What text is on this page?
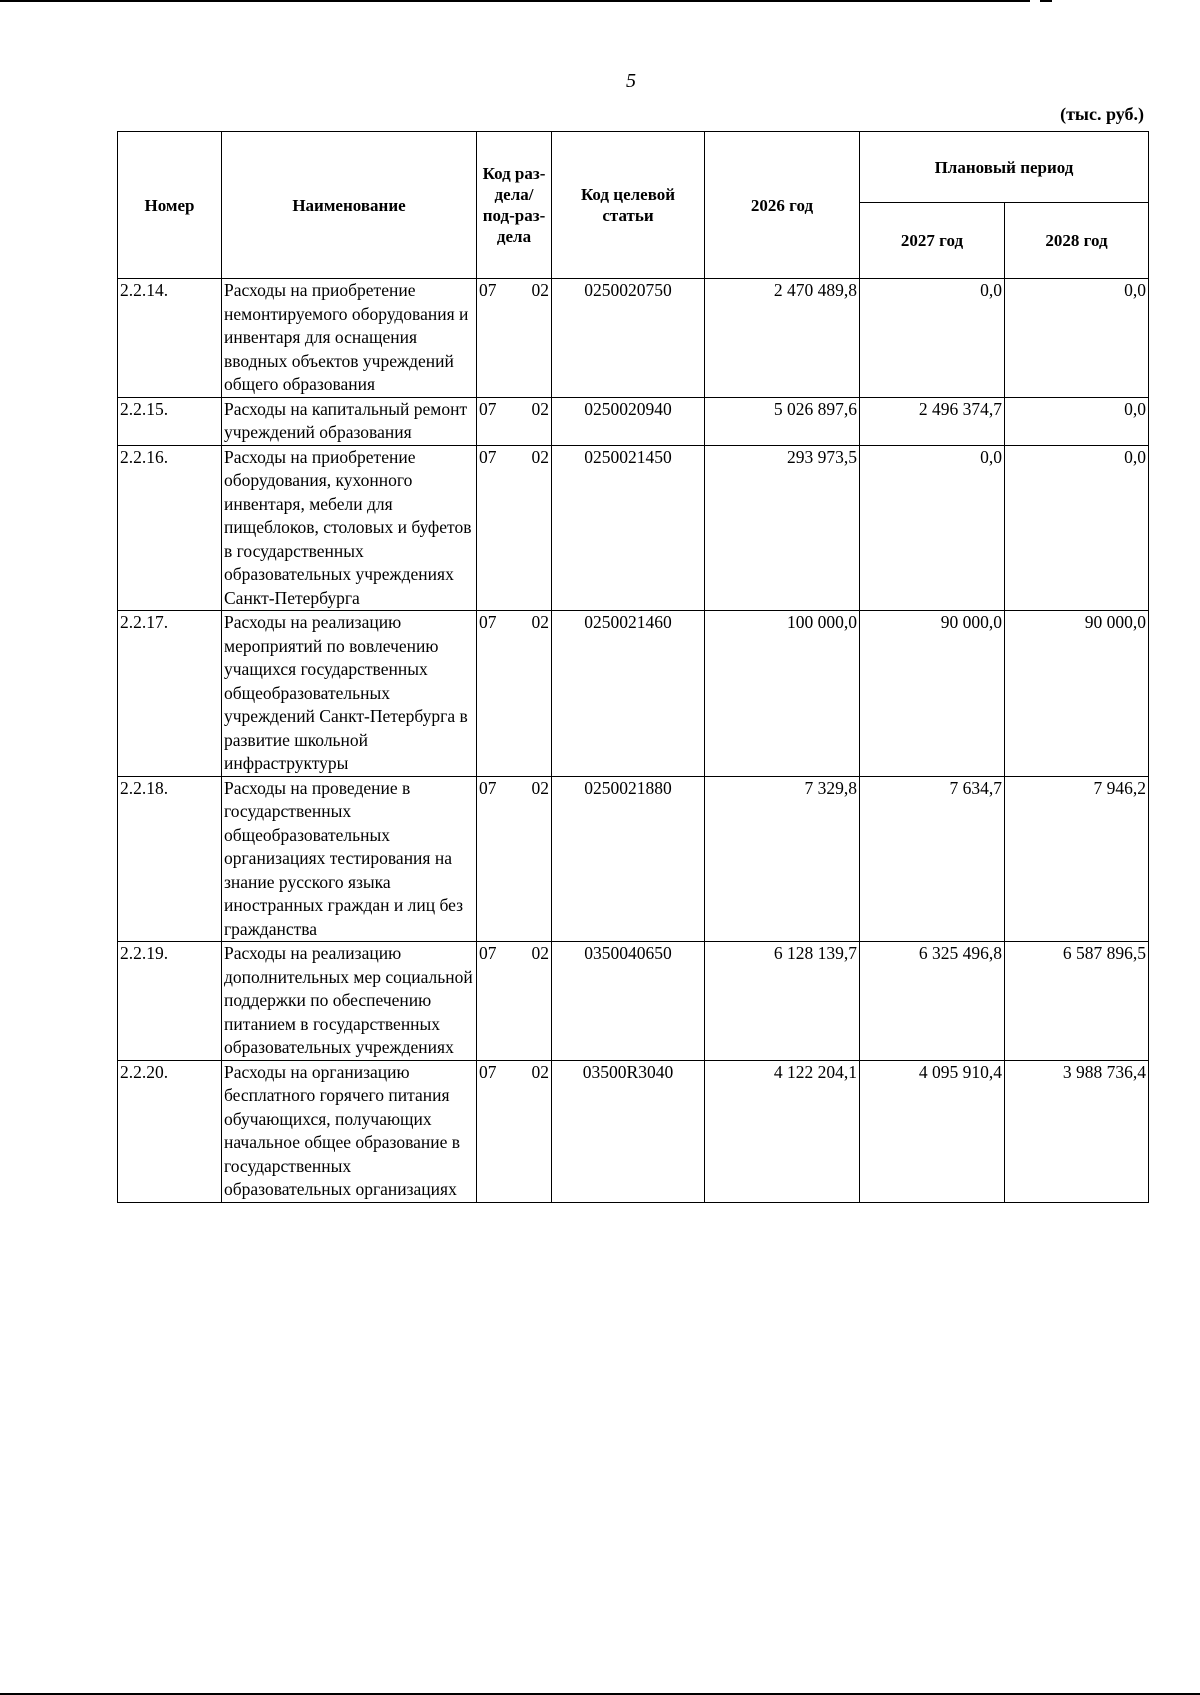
5
(тыс. руб.)
Номер	Наименование	Код раз-дела/ под-раз-дела	Код целевой статьи	2026 год	Плановый период	
					2027 год	2028 год
2.2.14.	Расходы на приобретение немонтируемого оборудования и инвентаря для оснащения вводных объектов учреждений общего образования	07 02	0250020750	2 470 489,8	0,0	0,0
2.2.15.	Расходы на капитальный ремонт учреждений образования	07 02	0250020940	5 026 897,6	2 496 374,7	0,0
2.2.16.	Расходы на приобретение оборудования, кухонного инвентаря, мебели для пищеблоков, столовых и буфетов в государственных образовательных учреждениях Санкт-Петербурга	07 02	0250021450	293 973,5	0,0	0,0
2.2.17.	Расходы на реализацию мероприятий по вовлечению учащихся государственных общеобразовательных учреждений Санкт-Петербурга в развитие школьной инфраструктуры	07 02	0250021460	100 000,0	90 000,0	90 000,0
2.2.18.	Расходы на проведение в государственных общеобразовательных организациях тестирования на знание русского языка иностранных граждан и лиц без гражданства	07 02	0250021880	7 329,8	7 634,7	7 946,2
2.2.19.	Расходы на реализацию дополнительных мер социальной поддержки по обеспечению питанием в государственных образовательных учреждениях	07 02	0350040650	6 128 139,7	6 325 496,8	6 587 896,5
2.2.20.	Расходы на организацию бесплатного горячего питания обучающихся, получающих начальное общее образование в государственных образовательных организациях	07 02	03500R3040	4 122 204,1	4 095 910,4	3 988 736,4
